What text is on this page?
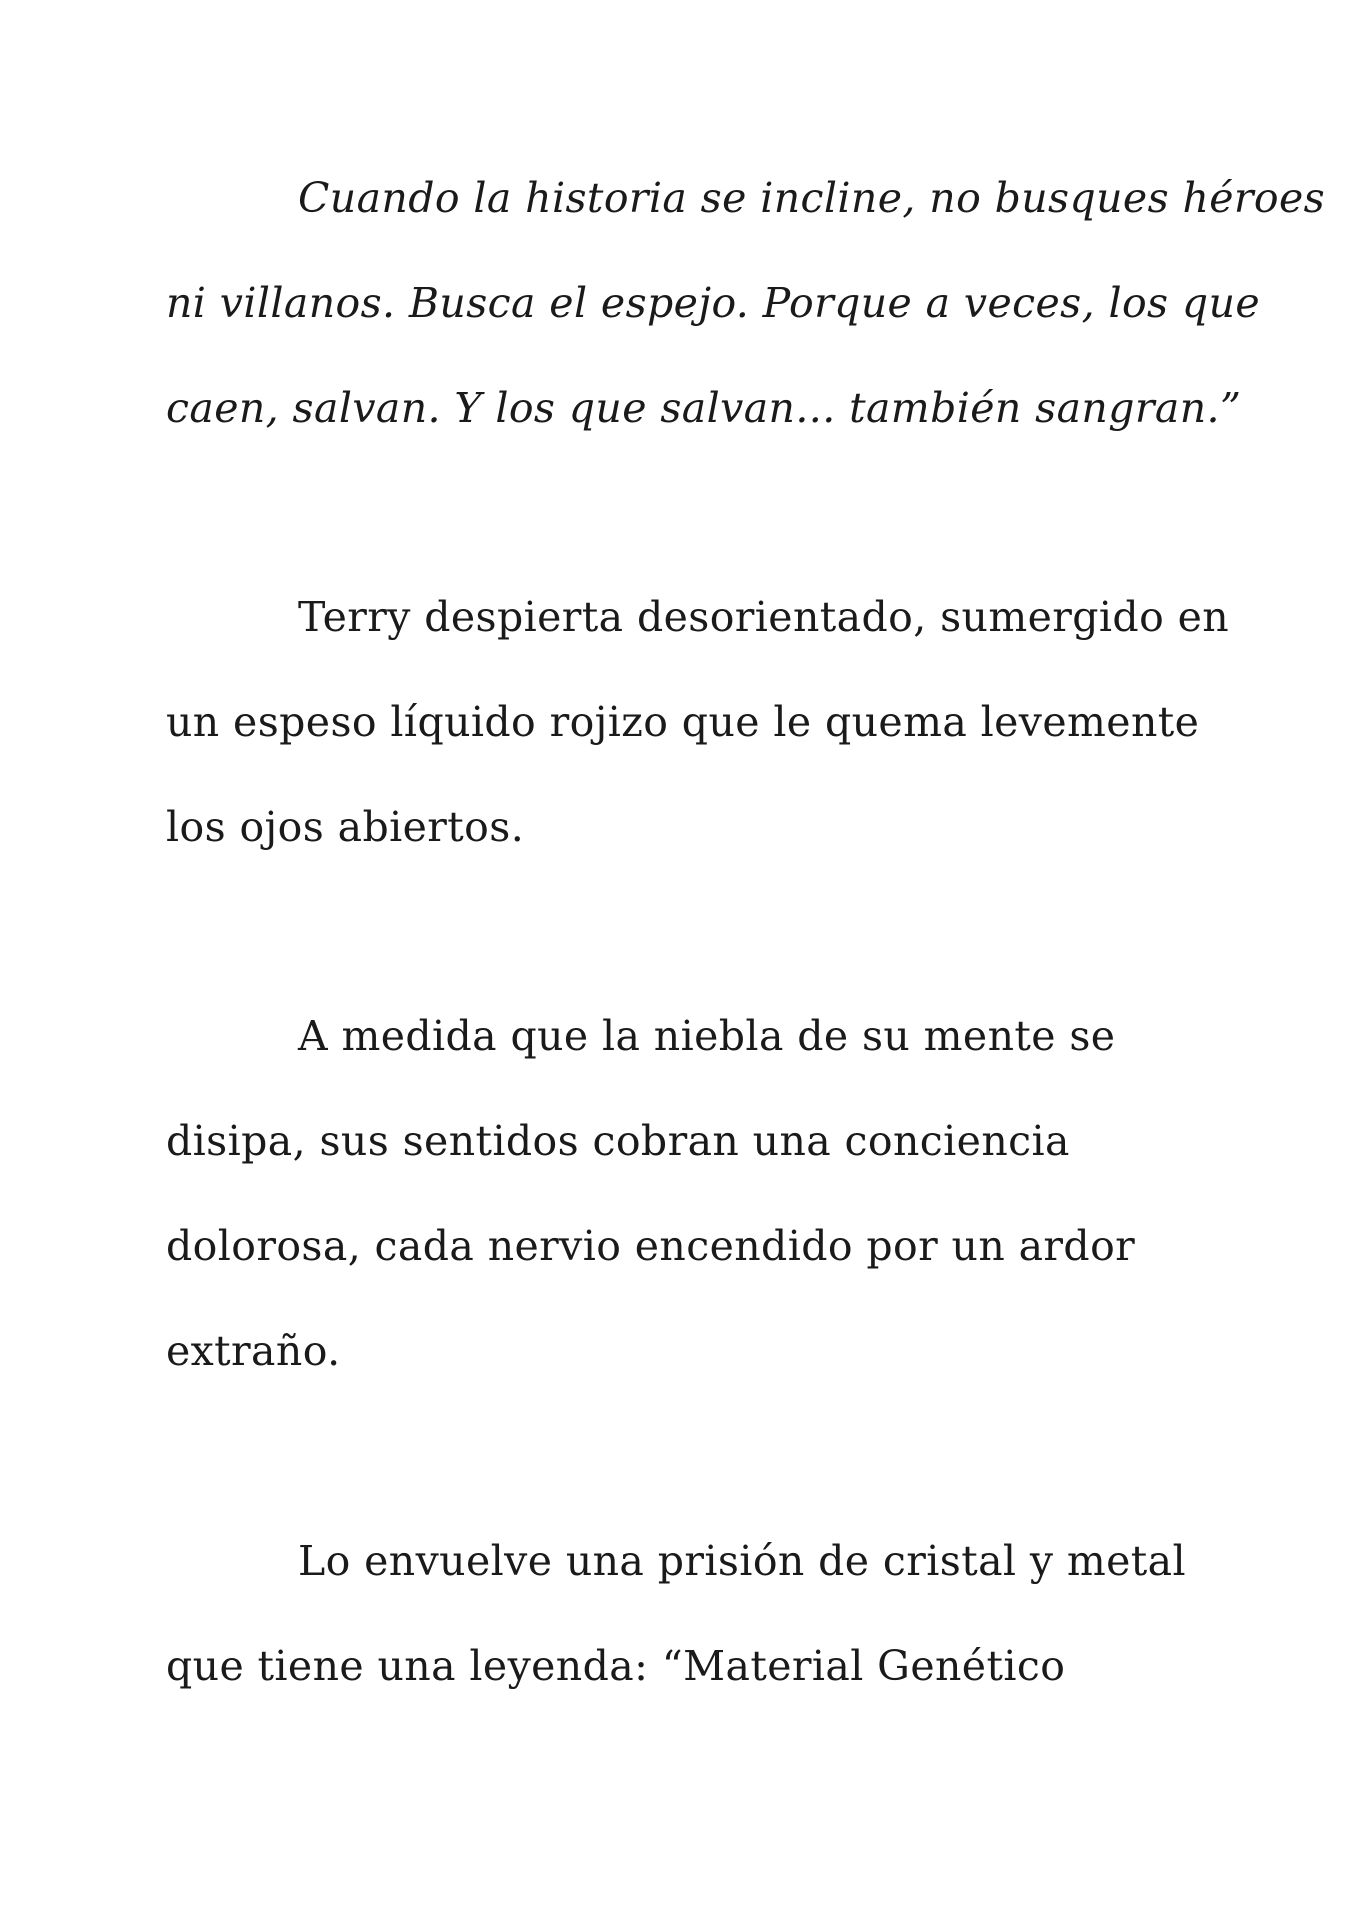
Cuando la historia se incline, no busques héroes
ni villanos. Busca el espejo. Porque a veces, los que
caen, salvan. Y los que salvan... también sangran.”
Terry despierta desorientado, sumergido en
un espeso líquido rojizo que le quema levemente
los ojos abiertos.
A medida que la niebla de su mente se
disipa, sus sentidos cobran una conciencia
dolorosa, cada nervio encendido por un ardor
extraño.
Lo envuelve una prisión de cristal y metal
que tiene una leyenda: “Material Genético
